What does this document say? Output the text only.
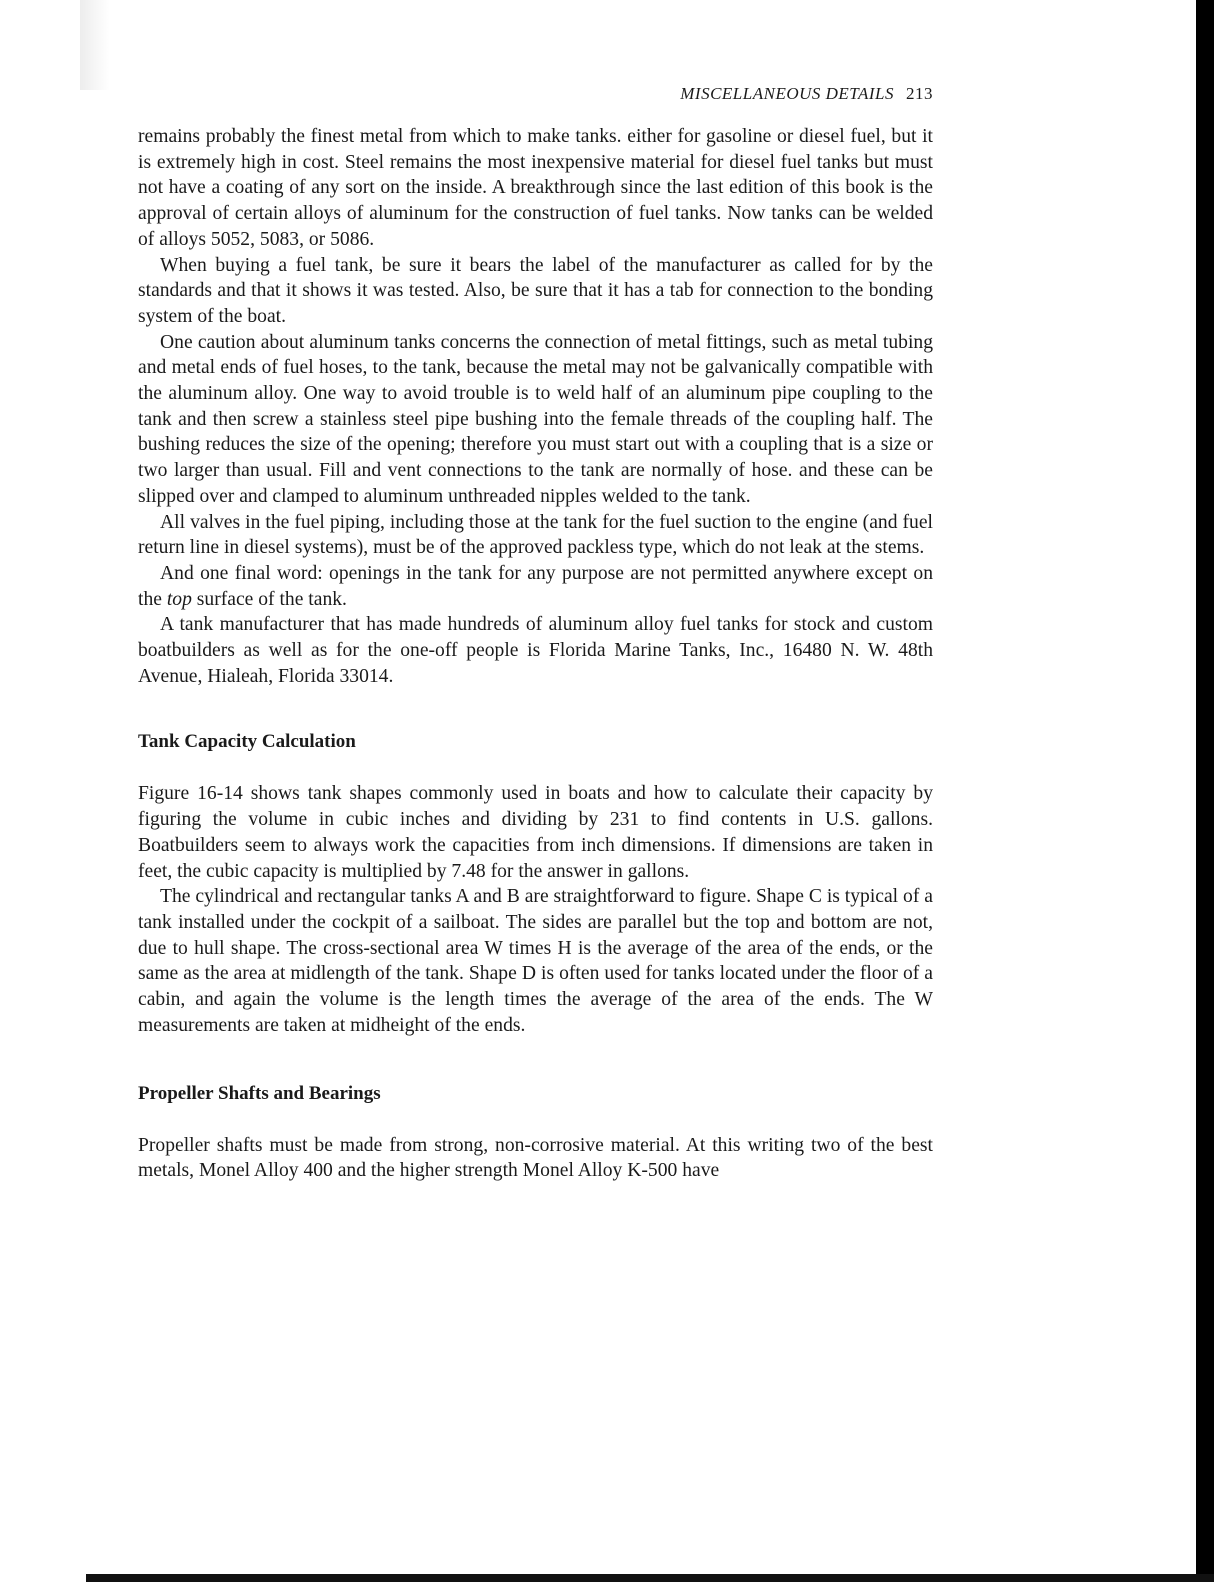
MISCELLANEOUS DETAILS 213

remains probably the finest metal from which to make tanks. either for gasoline or diesel fuel, but it is extremely high in cost. Steel remains the most inexpensive material for diesel fuel tanks but must not have a coating of any sort on the inside. A breakthrough since the last edition of this book is the approval of certain alloys of aluminum for the construction of fuel tanks. Now tanks can be welded of alloys 5052, 5083, or 5086.

When buying a fuel tank, be sure it bears the label of the manufacturer as called for by the standards and that it shows it was tested. Also, be sure that it has a tab for connection to the bonding system of the boat.

One caution about aluminum tanks concerns the connection of metal fittings, such as metal tubing and metal ends of fuel hoses, to the tank, because the metal may not be galvanically compatible with the aluminum alloy. One way to avoid trouble is to weld half of an aluminum pipe coupling to the tank and then screw a stainless steel pipe bushing into the female threads of the coupling half. The bushing reduces the size of the opening; therefore you must start out with a coupling that is a size or two larger than usual. Fill and vent connections to the tank are normally of hose. and these can be slipped over and clamped to aluminum unthreaded nipples welded to the tank.

All valves in the fuel piping, including those at the tank for the fuel suction to the engine (and fuel return line in diesel systems), must be of the approved packless type, which do not leak at the stems.

And one final word: openings in the tank for any purpose are not permitted anywhere except on the top surface of the tank.

A tank manufacturer that has made hundreds of aluminum alloy fuel tanks for stock and custom boatbuilders as well as for the one-off people is Florida Marine Tanks, Inc., 16480 N. W. 48th Avenue, Hialeah, Florida 33014.

Tank Capacity Calculation

Figure 16-14 shows tank shapes commonly used in boats and how to calculate their capacity by figuring the volume in cubic inches and dividing by 231 to find contents in U.S. gallons. Boatbuilders seem to always work the capacities from inch dimensions. If dimensions are taken in feet, the cubic capacity is multiplied by 7.48 for the answer in gallons.

The cylindrical and rectangular tanks A and B are straightforward to figure. Shape C is typical of a tank installed under the cockpit of a sailboat. The sides are parallel but the top and bottom are not, due to hull shape. The cross-sectional area W times H is the average of the area of the ends, or the same as the area at midlength of the tank. Shape D is often used for tanks located under the floor of a cabin, and again the volume is the length times the average of the area of the ends. The W measurements are taken at midheight of the ends.

Propeller Shafts and Bearings

Propeller shafts must be made from strong, non-corrosive material. At this writing two of the best metals, Monel Alloy 400 and the higher strength Monel Alloy K-500 have
